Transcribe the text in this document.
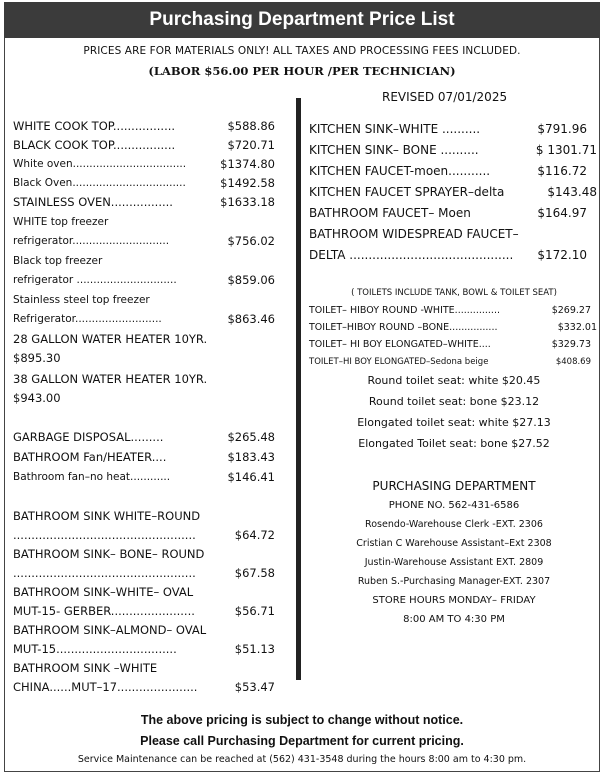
Purchasing Department Price List
PRICES ARE FOR MATERIALS ONLY! ALL TAXES AND PROCESSING FEES INCLUDED.
(LABOR $56.00 PER HOUR /PER TECHNICIAN)
REVISED 07/01/2025
WHITE COOK TOP.................	$588.86
BLACK COOK TOP.................	$720.71
White oven..................................	$1374.80
Black Oven..................................	$1492.58
STAINLESS OVEN.................	$1633.18
WHITE top freezer
refrigerator.............................	$756.02
Black top freezer
refrigerator ..............................	$859.06
Stainless steel top freezer
Refrigerator..........................	$863.46
28 GALLON WATER HEATER 10YR.
$895.30
38 GALLON WATER HEATER 10YR.
$943.00
GARBAGE DISPOSAL.........	$265.48
BATHROOM Fan/HEATER....	$183.43
Bathroom fan–no heat............	$146.41
BATHROOM SINK WHITE–ROUND
..................................................	$64.72
BATHROOM SINK– BONE– ROUND
..................................................	$67.58
BATHROOM SINK–WHITE– OVAL
MUT-15- GERBER.......................	$56.71
BATHROOM SINK–ALMOND– OVAL
MUT-15.................................	$51.13
BATHROOM SINK –WHITE
CHINA......MUT–17......................	$53.47
KITCHEN SINK–WHITE ..........	$791.96
KITCHEN SINK– BONE ..........	$ 1301.71
KITCHEN FAUCET-moen...........	$116.72
KITCHEN FAUCET SPRAYER–delta	$143.48
BATHROOM FAUCET– Moen	$164.97
BATHROOM WIDESPREAD FAUCET–
DELTA ........................................... $172.10
( TOILETS INCLUDE TANK, BOWL & TOILET SEAT)
TOILET– HIBOY ROUND -WHITE...............	$269.27
TOILET–HIBOY ROUND –BONE................	$332.01
TOILET– HI BOY ELONGATED–WHITE....	$329.73
TOILET–HI BOY ELONGATED–Sedona beige	$408.69
Round toilet seat: white $20.45
Round toilet seat: bone $23.12
Elongated toilet seat: white $27.13
Elongated Toilet seat: bone $27.52
PURCHASING DEPARTMENT
PHONE NO. 562-431-6586
Rosendo-Warehouse Clerk -EXT. 2306
Cristian C Warehouse Assistant–Ext 2308
Justin-Warehouse Assistant EXT. 2809
Ruben S.-Purchasing Manager-EXT. 2307
STORE HOURS MONDAY– FRIDAY
8:00 AM TO 4:30 PM
The above pricing is subject to change without notice.
Please call Purchasing Department for current pricing.
Service Maintenance can be reached at (562) 431-3548 during the hours 8:00 am to 4:30 pm.
